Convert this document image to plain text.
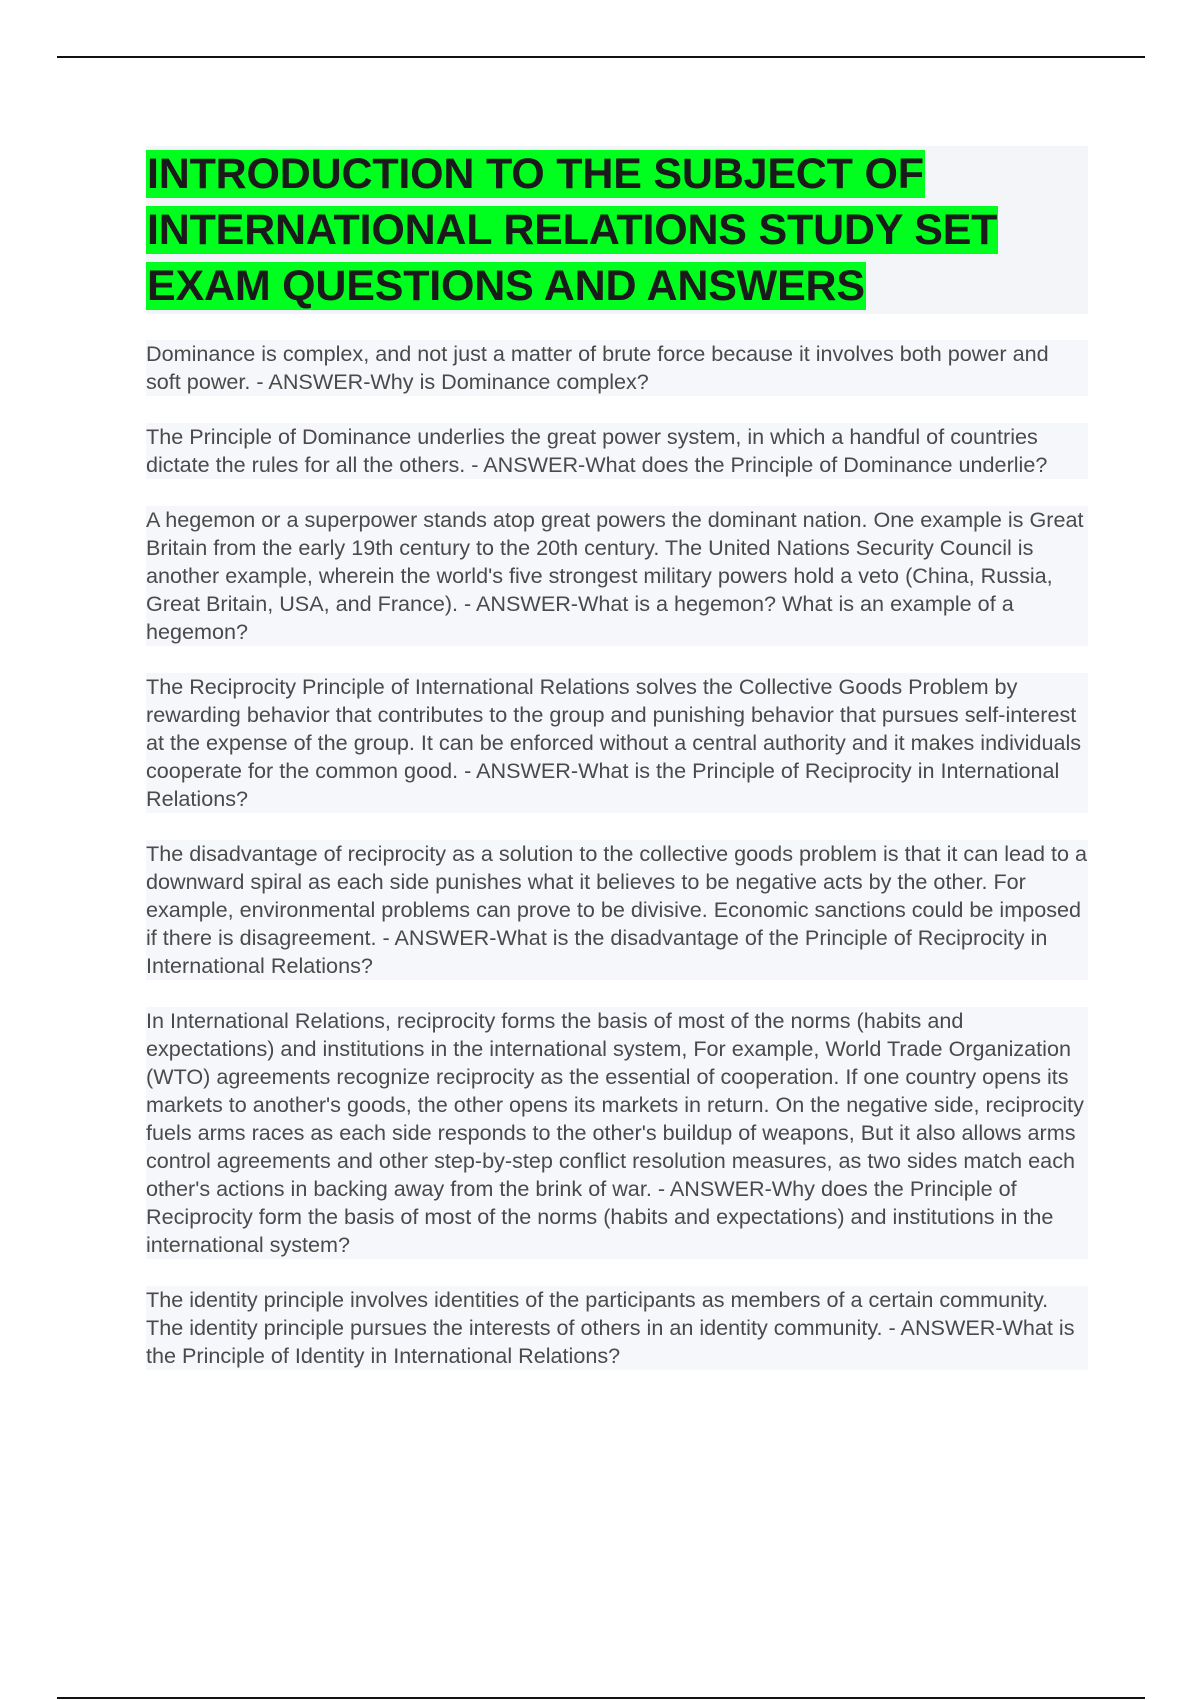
INTRODUCTION TO THE SUBJECT OF INTERNATIONAL RELATIONS STUDY SET EXAM QUESTIONS AND ANSWERS

Dominance is complex, and not just a matter of brute force because it involves both power and soft power. - ANSWER-Why is Dominance complex?

The Principle of Dominance underlies the great power system, in which a handful of countries dictate the rules for all the others. - ANSWER-What does the Principle of Dominance underlie?

A hegemon or a superpower stands atop great powers the dominant nation. One example is Great Britain from the early 19th century to the 20th century. The United Nations Security Council is another example, wherein the world's five strongest military powers hold a veto (China, Russia, Great Britain, USA, and France). - ANSWER-What is a hegemon? What is an example of a hegemon?

The Reciprocity Principle of International Relations solves the Collective Goods Problem by rewarding behavior that contributes to the group and punishing behavior that pursues self-interest at the expense of the group. It can be enforced without a central authority and it makes individuals cooperate for the common good. - ANSWER-What is the Principle of Reciprocity in International Relations?

The disadvantage of reciprocity as a solution to the collective goods problem is that it can lead to a downward spiral as each side punishes what it believes to be negative acts by the other. For example, environmental problems can prove to be divisive. Economic sanctions could be imposed if there is disagreement. - ANSWER-What is the disadvantage of the Principle of Reciprocity in International Relations?

In International Relations, reciprocity forms the basis of most of the norms (habits and expectations) and institutions in the international system, For example, World Trade Organization (WTO) agreements recognize reciprocity as the essential of cooperation. If one country opens its markets to another's goods, the other opens its markets in return. On the negative side, reciprocity fuels arms races as each side responds to the other's buildup of weapons, But it also allows arms control agreements and other step-by-step conflict resolution measures, as two sides match each other's actions in backing away from the brink of war. - ANSWER-Why does the Principle of Reciprocity form the basis of most of the norms (habits and expectations) and institutions in the international system?

The identity principle involves identities of the participants as members of a certain community. The identity principle pursues the interests of others in an identity community. - ANSWER-What is the Principle of Identity in International Relations?
